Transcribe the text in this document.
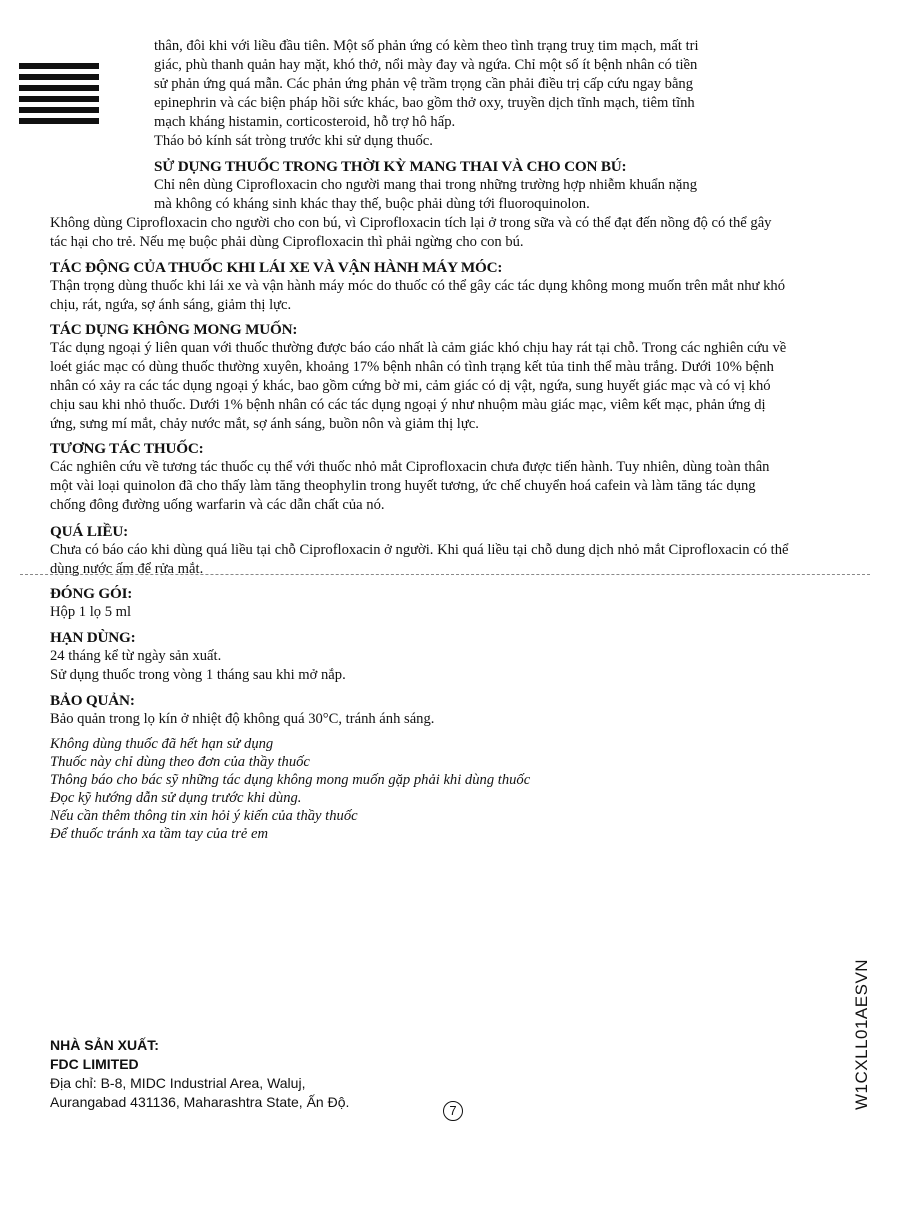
thân, đôi khi với liều đầu tiên. Một số phản ứng có kèm theo tình trạng truỵ tim mạch, mất tri
giác, phù thanh quản hay mặt, khó thở, nổi mày đay và ngứa. Chỉ một số ít bệnh nhân có tiền
sử phản ứng quá mẫn. Các phản ứng phản vệ trầm trọng cần phải điều trị cấp cứu ngay bằng
epinephrin và các biện pháp hồi sức khác, bao gồm thở oxy, truyền dịch tĩnh mạch, tiêm tĩnh
mạch kháng histamin, corticosteroid, hỗ trợ hô hấp.
Tháo bỏ kính sát tròng trước khi sử dụng thuốc.
SỬ DỤNG THUỐC TRONG THỜI KỲ MANG THAI VÀ CHO CON BÚ:
Chỉ nên dùng Ciprofloxacin cho người mang thai trong những trường hợp nhiễm khuẩn nặng
mà không có kháng sinh khác thay thế, buộc phải dùng tới fluoroquinolon.
Không dùng Ciprofloxacin cho người cho con bú, vì Ciprofloxacin tích lại ở trong sữa và có thể đạt đến nồng độ có thể gây
tác hại cho trẻ. Nếu mẹ buộc phải dùng Ciprofloxacin thì phải ngừng cho con bú.
TÁC ĐỘNG CỦA THUỐC KHI LÁI XE VÀ VẬN HÀNH MÁY MÓC:
Thận trọng dùng thuốc khi lái xe và vận hành máy móc do thuốc có thể gây các tác dụng không mong muốn trên mắt như khó
chịu, rát, ngứa, sợ ánh sáng, giảm thị lực.
TÁC DỤNG KHÔNG MONG MUỐN:
Tác dụng ngoại ý liên quan với thuốc thường được báo cáo nhất là cảm giác khó chịu hay rát tại chỗ. Trong các nghiên cứu về
loét giác mạc có dùng thuốc thường xuyên, khoảng 17% bệnh nhân có tình trạng kết tủa tinh thể màu trắng. Dưới 10% bệnh
nhân có xảy ra các tác dụng ngoại ý khác, bao gồm cứng bờ mi, cảm giác có dị vật, ngứa, sung huyết giác mạc và có vị khó
chịu sau khi nhỏ thuốc. Dưới 1% bệnh nhân có các tác dụng ngoại ý như nhuộm màu giác mạc, viêm kết mạc, phản ứng dị
ứng, sưng mí mắt, chảy nước mắt, sợ ánh sáng, buồn nôn và giảm thị lực.
TƯƠNG TÁC THUỐC:
Các nghiên cứu về tương tác thuốc cụ thể với thuốc nhỏ mắt Ciprofloxacin chưa được tiến hành. Tuy nhiên, dùng toàn thân
một vài loại quinolon đã cho thấy làm tăng theophylin trong huyết tương, ức chế chuyển hoá cafein và làm tăng tác dụng
chống đông đường uống warfarin và các dẫn chất của nó.
QUÁ LIỀU:
Chưa có báo cáo khi dùng quá liều tại chỗ Ciprofloxacin ở người. Khi quá liều tại chỗ dung dịch nhỏ mắt Ciprofloxacin có thể
dùng nước ấm để rửa mắt.
ĐÓNG GÓI:
Hộp 1 lọ 5 ml
HẠN DÙNG:
24 tháng kể từ ngày sản xuất.
Sử dụng thuốc trong vòng 1 tháng sau khi mở nắp.
BẢO QUẢN:
Bảo quản trong lọ kín ở nhiệt độ không quá 30°C, tránh ánh sáng.
Không dùng thuốc đã hết hạn sử dụng
Thuốc này chỉ dùng theo đơn của thầy thuốc
Thông báo cho bác sỹ những tác dụng không mong muốn gặp phải khi dùng thuốc
Đọc kỹ hướng dẫn sử dụng trước khi dùng.
Nếu cần thêm thông tin xin hỏi ý kiến của thầy thuốc
Để thuốc tránh xa tầm tay của trẻ em
NHÀ SẢN XUẤT:
FDC LIMITED
Địa chỉ: B-8, MIDC Industrial Area, Waluj,
Aurangabad 431136, Maharashtra State, Ấn Độ.
7
W1CXLL01AESVN
